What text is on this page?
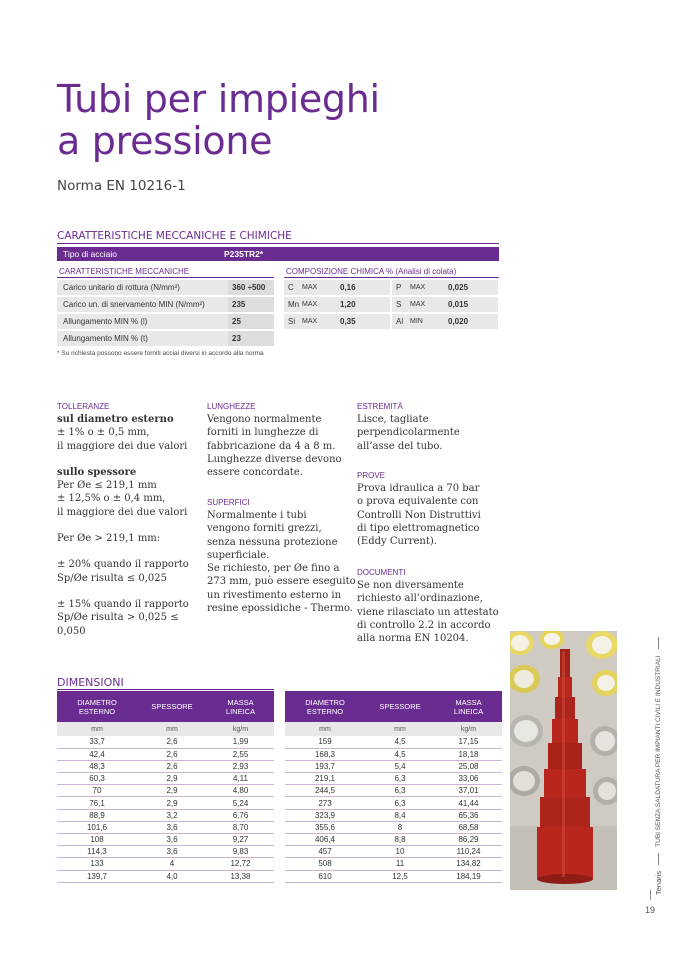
Tubi per impieghi
a pressione
Norma EN 10216-1
CARATTERISTICHE MECCANICHE E CHIMICHE
Tipo di acciaio	P235TR2*
CARATTERISTICHE MECCANICHE
Carico unitario di rottura (N/mm²)	360 ÷500
Carico un. di snervamento MIN (N/mm²)	235
Allungamento MIN % (l)	25
Allungamento MIN % (t)	23
COMPOSIZIONE CHIMICA % (Analisi di colata)
C	MAX	0,16	P	MAX	0,025
Mn MAX	1,20	S	MAX	0,015
Si MAX	0,35	Al MIN	0,020
* Su richiesta possono essere forniti acciai diversi in accordo alla norma
TOLLERANZE
sul diametro esterno
± 1% o ± 0,5 mm,
il maggiore dei due valori
sullo spessore
Per Øe ≤ 219,1 mm
± 12,5% o ± 0,4 mm,
il maggiore dei due valori
Per Øe > 219,1 mm:
± 20% quando il rapporto
Sp/Øe risulta ≤ 0,025
± 15% quando il rapporto
Sp/Øe risulta > 0,025 ≤ 0,050
LUNGHEZZE
Vengono normalmente
forniti in lunghezze di
fabbricazione da 4 a 8 m.
Lunghezze diverse devono
essere concordate.
SUPERFICI
Normalmente i tubi
vengono forniti grezzi,
senza nessuna protezione
superficiale.
Se richiesto, per Øe fino a
273 mm, può essere eseguito
un rivestimento esterno in
resine epossidiche - Thermo.
ESTREMITÀ
Lisce, tagliate
perpendicolarmente
all’asse del tubo.
PROVE
Prova idraulica a 70 bar
o prova equivalente con
Controlli Non Distruttivi
di tipo elettromagnetico
(Eddy Current).
DOCUMENTI
Se non diversamente
richiesto all’ordinazione,
viene rilasciato un attestato
di controllo 2.2 in accordo
alla norma EN 10204.
DIMENSIONI
DIAMETRO
ESTERNO	SPESSORE	MASSA
LINEICA
mm	mm	kg/m
33,7	2,6	1,99
42,4	2,6	2,55
48,3	2,6	2,93
60,3	2,9	4,11
70	2,9	4,80
76,1	2,9	5,24
88,9	3,2	6,76
101,6	3,6	8,70
108	3,6	9,27
114,3	3,6	9,83
133	4	12,72
139,7	4,0	13,38
DIAMETRO
ESTERNO	SPESSORE	MASSA
LINEICA
mm	mm	kg/m
159	4,5	17,15
168,3	4,5	18,18
193,7	5,4	25,08
219,1	6,3	33,06
244,5	6,3	37,01
273	6,3	41,44
323,9	8,4	65,36
355,6	8	68,58
406,4	8,8	86,29
457	10	110,24
508	11	134,82
610	12,5	184,19	Tenaris
TUBI SENZA SALDATURA PER IMPIANTI CIVILI E INDUSTRIALI
19
